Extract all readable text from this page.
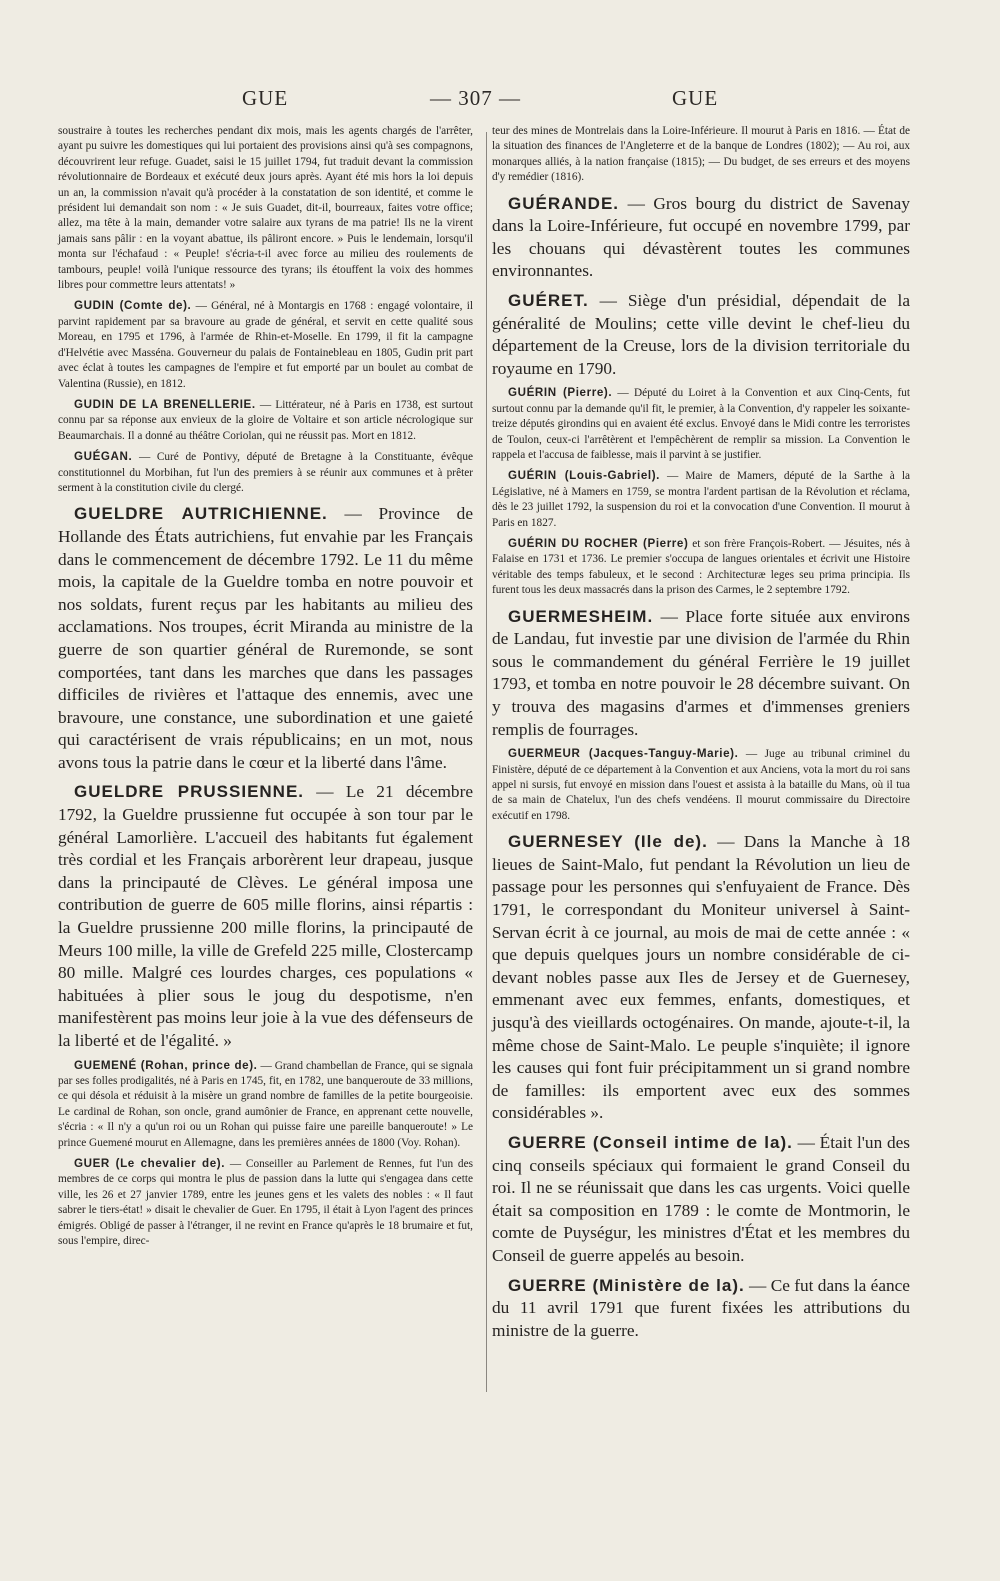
GUE	— 307 —	GUE

soustraire à toutes les recherches pendant dix mois, mais les agents chargés de l'arrêter, ayant pu suivre les domestiques qui lui portaient des provisions ainsi qu'à ses compagnons, découvrirent leur refuge. Guadet, saisi le 15 juillet 1794, fut traduit devant la commission révolutionnaire de Bordeaux et exécuté deux jours après. Ayant été mis hors la loi depuis un an, la commission n'avait qu'à procéder à la constatation de son identité, et comme le président lui demandait son nom : « Je suis Guadet, dit-il, bourreaux, faites votre office; allez, ma tête à la main, demander votre salaire aux tyrans de ma patrie! Ils ne la virent jamais sans pâlir : en la voyant abattue, ils pâliront encore. » Puis le lendemain, lorsqu'il monta sur l'échafaud : « Peuple! s'écria-t-il avec force au milieu des roulements de tambours, peuple! voilà l'unique ressource des tyrans; ils étouffent la voix des hommes libres pour commettre leurs attentats! »

GUDIN (Comte de). — Général, né à Montargis en 1768 : engagé volontaire, il parvint rapidement par sa bravoure au grade de général, et servit en cette qualité sous Moreau, en 1795 et 1796, à l'armée de Rhin-et-Moselle. En 1799, il fit la campagne d'Helvétie avec Masséna. Gouverneur du palais de Fontainebleau en 1805, Gudin prit part avec éclat à toutes les campagnes de l'empire et fut emporté par un boulet au combat de Valentina (Russie), en 1812.

GUDIN DE LA BRENELLERIE. — Littérateur, né à Paris en 1738, est surtout connu par sa réponse aux envieux de la gloire de Voltaire et son article nécrologique sur Beaumarchais. Il a donné au théâtre Coriolan, qui ne réussit pas. Mort en 1812.

GUÉGAN. — Curé de Pontivy, député de Bretagne à la Constituante, évêque constitutionnel du Morbihan, fut l'un des premiers à se réunir aux communes et à prêter serment à la constitution civile du clergé.

GUELDRE AUTRICHIENNE. — Province de Hollande des États autrichiens, fut envahie par les Français dans le commencement de décembre 1792. Le 11 du même mois, la capitale de la Gueldre tomba en notre pouvoir et nos soldats, furent reçus par les habitants au milieu des acclamations. Nos troupes, écrit Miranda au ministre de la guerre de son quartier général de Ruremonde, se sont comportées, tant dans les marches que dans les passages difficiles de rivières et l'attaque des ennemis, avec une bravoure, une constance, une subordination et une gaieté qui caractérisent de vrais républicains; en un mot, nous avons tous la patrie dans le cœur et la liberté dans l'âme.

GUELDRE PRUSSIENNE. — Le 21 décembre 1792, la Gueldre prussienne fut occupée à son tour par le général Lamorlière. L'accueil des habitants fut également très cordial et les Français arborèrent leur drapeau, jusque dans la principauté de Clèves. Le général imposa une contribution de guerre de 605 mille florins, ainsi répartis : la Gueldre prussienne 200 mille florins, la principauté de Meurs 100 mille, la ville de Grefeld 225 mille, Clostercamp 80 mille. Malgré ces lourdes charges, ces populations « habituées à plier sous le joug du despotisme, n'en manifestèrent pas moins leur joie à la vue des défenseurs de la liberté et de l'égalité. »

GUEMENÉ (Rohan, prince de). — Grand chambellan de France, qui se signala par ses folles prodigalités, né à Paris en 1745, fit, en 1782, une banqueroute de 33 millions, ce qui désola et réduisit à la misère un grand nombre de familles de la petite bourgeoisie. Le cardinal de Rohan, son oncle, grand aumônier de France, en apprenant cette nouvelle, s'écria : « Il n'y a qu'un roi ou un Rohan qui puisse faire une pareille banqueroute! » Le prince Guemené mourut en Allemagne, dans les premières années de 1800 (Voy. Rohan).

GUER (Le chevalier de). — Conseiller au Parlement de Rennes, fut l'un des membres de ce corps qui montra le plus de passion dans la lutte qui s'engagea dans cette ville, les 26 et 27 janvier 1789, entre les jeunes gens et les valets des nobles : « Il faut sabrer le tiers-état! » disait le chevalier de Guer. En 1795, il était à Lyon l'agent des princes émigrés. Obligé de passer à l'étranger, il ne revint en France qu'après le 18 brumaire et fut, sous l'empire, direc-

teur des mines de Montrelais dans la Loire-Inférieure. Il mourut à Paris en 1816. — État de la situation des finances de l'Angleterre et de la banque de Londres (1802); — Au roi, aux monarques alliés, à la nation française (1815); — Du budget, de ses erreurs et des moyens d'y remédier (1816).

GUÉRANDE. — Gros bourg du district de Savenay dans la Loire-Inférieure, fut occupé en novembre 1799, par les chouans qui dévastèrent toutes les communes environnantes.

GUÉRET. — Siège d'un présidial, dépendait de la généralité de Moulins; cette ville devint le chef-lieu du département de la Creuse, lors de la division territoriale du royaume en 1790.

GUÉRIN (Pierre). — Député du Loiret à la Convention et aux Cinq-Cents, fut surtout connu par la demande qu'il fit, le premier, à la Convention, d'y rappeler les soixante-treize députés girondins qui en avaient été exclus. Envoyé dans le Midi contre les terroristes de Toulon, ceux-ci l'arrêtèrent et l'empêchèrent de remplir sa mission. La Convention le rappela et l'accusa de faiblesse, mais il parvint à se justifier.

GUÉRIN (Louis-Gabriel). — Maire de Mamers, député de la Sarthe à la Législative, né à Mamers en 1759, se montra l'ardent partisan de la Révolution et réclama, dès le 23 juillet 1792, la suspension du roi et la convocation d'une Convention. Il mourut à Paris en 1827.

GUÉRIN DU ROCHER (Pierre) et son frère François-Robert. — Jésuites, nés à Falaise en 1731 et 1736. Le premier s'occupa de langues orientales et écrivit une Histoire véritable des temps fabuleux, et le second : Architecturæ leges seu prima principia. Ils furent tous les deux massacrés dans la prison des Carmes, le 2 septembre 1792.

GUERMESHEIM. — Place forte située aux environs de Landau, fut investie par une division de l'armée du Rhin sous le commandement du général Ferrière le 19 juillet 1793, et tomba en notre pouvoir le 28 décembre suivant. On y trouva des magasins d'armes et d'immenses greniers remplis de fourrages.

GUERMEUR (Jacques-Tanguy-Marie). — Juge au tribunal criminel du Finistère, député de ce département à la Convention et aux Anciens, vota la mort du roi sans appel ni sursis, fut envoyé en mission dans l'ouest et assista à la bataille du Mans, où il tua de sa main de Chatelux, l'un des chefs vendéens. Il mourut commissaire du Directoire exécutif en 1798.

GUERNESEY (Ile de). — Dans la Manche à 18 lieues de Saint-Malo, fut pendant la Révolution un lieu de passage pour les personnes qui s'enfuyaient de France. Dès 1791, le correspondant du Moniteur universel à Saint-Servan écrit à ce journal, au mois de mai de cette année : « que depuis quelques jours un nombre considérable de ci-devant nobles passe aux Iles de Jersey et de Guernesey, emmenant avec eux femmes, enfants, domestiques, et jusqu'à des vieillards octogénaires. On mande, ajoute-t-il, la même chose de Saint-Malo. Le peuple s'inquiète; il ignore les causes qui font fuir précipitamment un si grand nombre de familles: ils emportent avec eux des sommes considérables ».

GUERRE (Conseil intime de la). — Était l'un des cinq conseils spéciaux qui formaient le grand Conseil du roi. Il ne se réunissait que dans les cas urgents. Voici quelle était sa composition en 1789 : le comte de Montmorin, le comte de Puységur, les ministres d'État et les membres du Conseil de guerre appelés au besoin.

GUERRE (Ministère de la). — Ce fut dans la éance du 11 avril 1791 que furent fixées les attributions du ministre de la guerre.
